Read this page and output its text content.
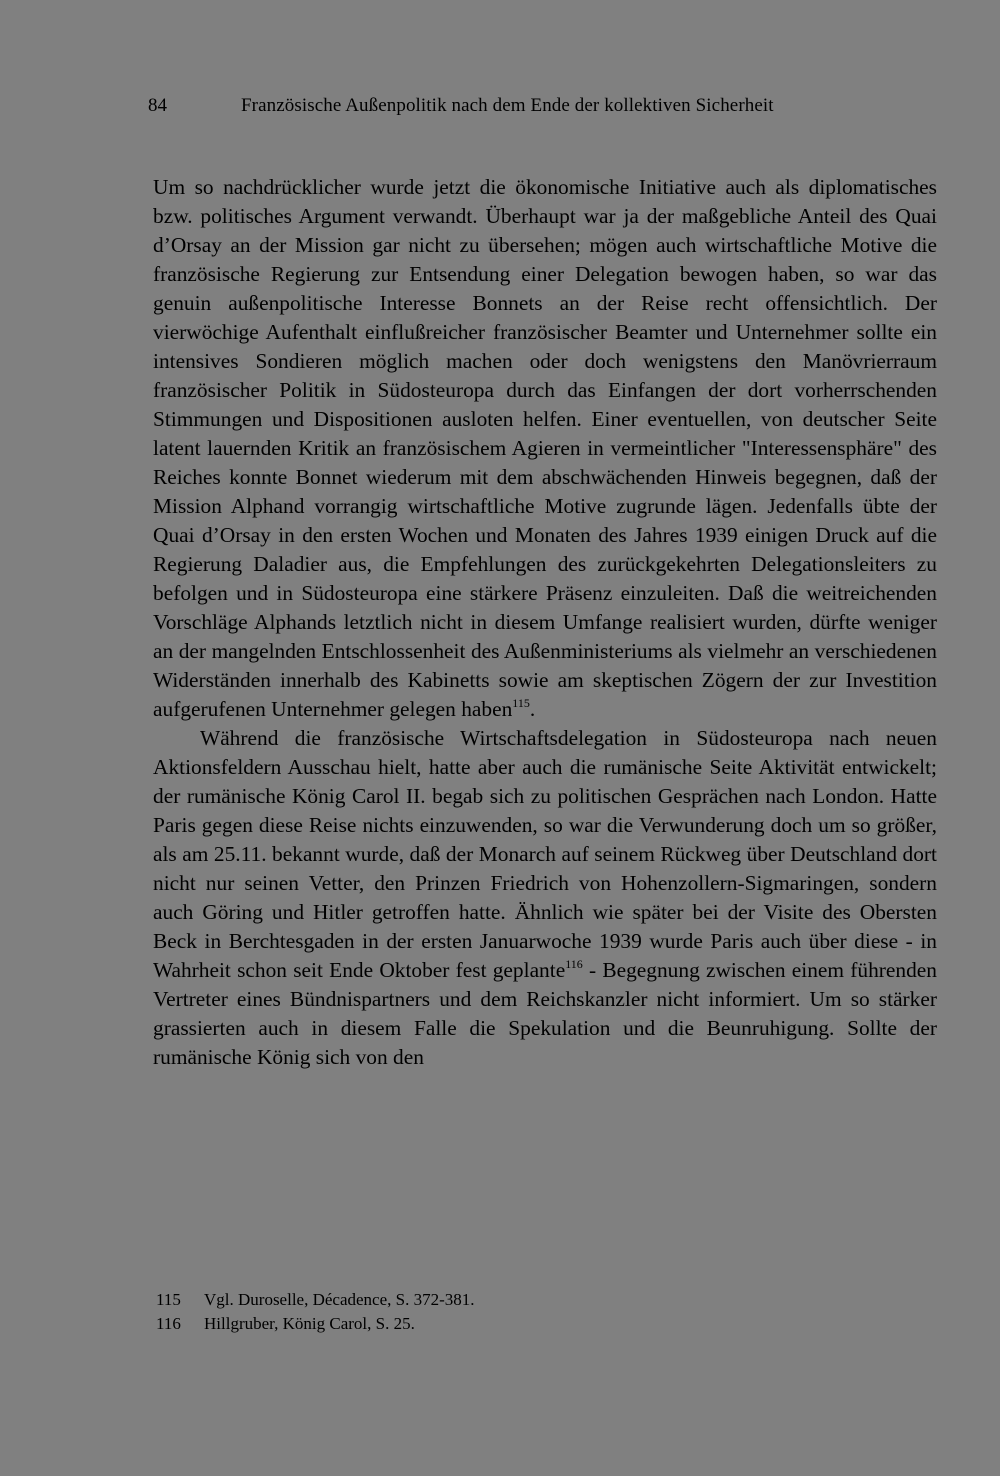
84	Französische Außenpolitik nach dem Ende der kollektiven Sicherheit

Um so nachdrücklicher wurde jetzt die ökonomische Initiative auch als diplomatisches bzw. politisches Argument verwandt. Überhaupt war ja der maßgebliche Anteil des Quai d’Orsay an der Mission gar nicht zu übersehen; mögen auch wirtschaftliche Motive die französische Regierung zur Entsendung einer Delegation bewogen haben, so war das genuin außenpolitische Interesse Bonnets an der Reise recht offensichtlich. Der vierwöchige Aufenthalt einflußreicher französischer Beamter und Unternehmer sollte ein intensives Sondieren möglich machen oder doch wenigstens den Manövrierraum französischer Politik in Südosteuropa durch das Einfangen der dort vorherrschenden Stimmungen und Dispositionen ausloten helfen. Einer eventuellen, von deutscher Seite latent lauernden Kritik an französischem Agieren in vermeintlicher "Interessensphäre" des Reiches konnte Bonnet wiederum mit dem abschwächenden Hinweis begegnen, daß der Mission Alphand vorrangig wirtschaftliche Motive zugrunde lägen. Jedenfalls übte der Quai d’Orsay in den ersten Wochen und Monaten des Jahres 1939 einigen Druck auf die Regierung Daladier aus, die Empfehlungen des zurückgekehrten Delegationsleiters zu befolgen und in Südosteuropa eine stärkere Präsenz einzuleiten. Daß die weitreichenden Vorschläge Alphands letztlich nicht in diesem Umfange realisiert wurden, dürfte weniger an der mangelnden Entschlossenheit des Außenministeriums als vielmehr an verschiedenen Widerständen innerhalb des Kabinetts sowie am skeptischen Zögern der zur Investition aufgerufenen Unternehmer gelegen haben$^{115}$.

Während die französische Wirtschaftsdelegation in Südosteuropa nach neuen Aktionsfeldern Ausschau hielt, hatte aber auch die rumänische Seite Aktivität entwickelt; der rumänische König Carol II. begab sich zu politischen Gesprächen nach London. Hatte Paris gegen diese Reise nichts einzuwenden, so war die Verwunderung doch um so größer, als am 25.11. bekannt wurde, daß der Monarch auf seinem Rückweg über Deutschland dort nicht nur seinen Vetter, den Prinzen Friedrich von Hohenzollern-Sigmaringen, sondern auch Göring und Hitler getroffen hatte. Ähnlich wie später bei der Visite des Obersten Beck in Berchtesgaden in der ersten Januarwoche 1939 wurde Paris auch über diese - in Wahrheit schon seit Ende Oktober fest geplante$^{116}$ - Begegnung zwischen einem führenden Vertreter eines Bündnispartners und dem Reichskanzler nicht informiert. Um so stärker grassierten auch in diesem Falle die Spekulation und die Beunruhigung. Sollte der rumänische König sich von den

115 Vgl. Duroselle, Décadence, S. 372-381.
116 Hillgruber, König Carol, S. 25.
